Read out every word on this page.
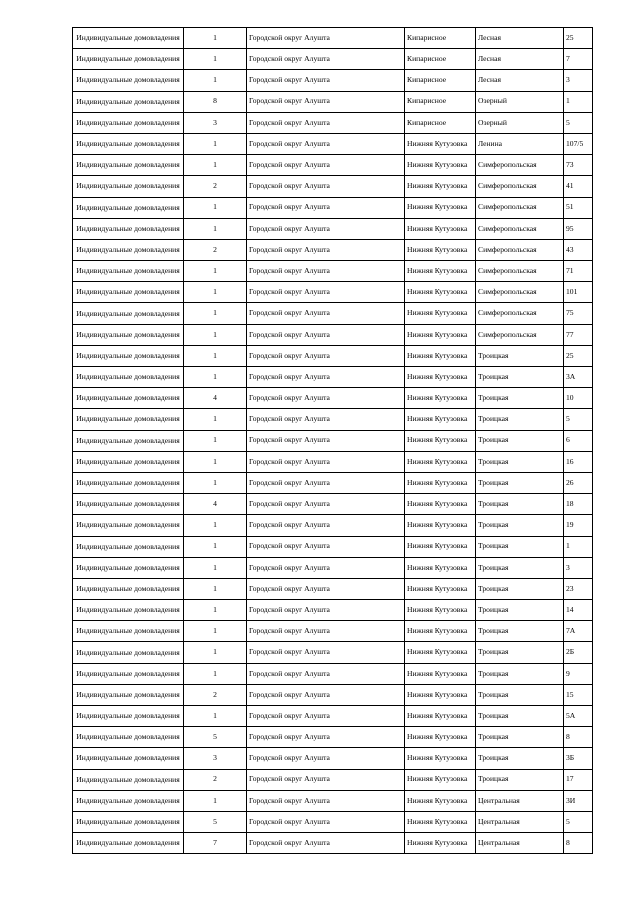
Индивидуальные домовладения	1	Городской округ Алушта	Кипарисное	Лесная	25
Индивидуальные домовладения	1	Городской округ Алушта	Кипарисное	Лесная	7
Индивидуальные домовладения	1	Городской округ Алушта	Кипарисное	Лесная	3
Индивидуальные домовладения	8	Городской округ Алушта	Кипарисное	Озерный	1
Индивидуальные домовладения	3	Городской округ Алушта	Кипарисное	Озерный	5
Индивидуальные домовладения	1	Городской округ Алушта	Нижняя Кутузовка	Ленина	107/5
Индивидуальные домовладения	1	Городской округ Алушта	Нижняя Кутузовка	Симферопольская	73
Индивидуальные домовладения	2	Городской округ Алушта	Нижняя Кутузовка	Симферопольская	41
Индивидуальные домовладения	1	Городской округ Алушта	Нижняя Кутузовка	Симферопольская	51
Индивидуальные домовладения	1	Городской округ Алушта	Нижняя Кутузовка	Симферопольская	95
Индивидуальные домовладения	2	Городской округ Алушта	Нижняя Кутузовка	Симферопольская	43
Индивидуальные домовладения	1	Городской округ Алушта	Нижняя Кутузовка	Симферопольская	71
Индивидуальные домовладения	1	Городской округ Алушта	Нижняя Кутузовка	Симферопольская	101
Индивидуальные домовладения	1	Городской округ Алушта	Нижняя Кутузовка	Симферопольская	75
Индивидуальные домовладения	1	Городской округ Алушта	Нижняя Кутузовка	Симферопольская	77
Индивидуальные домовладения	1	Городской округ Алушта	Нижняя Кутузовка	Троицкая	25
Индивидуальные домовладения	1	Городской округ Алушта	Нижняя Кутузовка	Троицкая	3А
Индивидуальные домовладения	4	Городской округ Алушта	Нижняя Кутузовка	Троицкая	10
Индивидуальные домовладения	1	Городской округ Алушта	Нижняя Кутузовка	Троицкая	5
Индивидуальные домовладения	1	Городской округ Алушта	Нижняя Кутузовка	Троицкая	6
Индивидуальные домовладения	1	Городской округ Алушта	Нижняя Кутузовка	Троицкая	16
Индивидуальные домовладения	1	Городской округ Алушта	Нижняя Кутузовка	Троицкая	26
Индивидуальные домовладения	4	Городской округ Алушта	Нижняя Кутузовка	Троицкая	18
Индивидуальные домовладения	1	Городской округ Алушта	Нижняя Кутузовка	Троицкая	19
Индивидуальные домовладения	1	Городской округ Алушта	Нижняя Кутузовка	Троицкая	1
Индивидуальные домовладения	1	Городской округ Алушта	Нижняя Кутузовка	Троицкая	3
Индивидуальные домовладения	1	Городской округ Алушта	Нижняя Кутузовка	Троицкая	23
Индивидуальные домовладения	1	Городской округ Алушта	Нижняя Кутузовка	Троицкая	14
Индивидуальные домовладения	1	Городской округ Алушта	Нижняя Кутузовка	Троицкая	7А
Индивидуальные домовладения	1	Городской округ Алушта	Нижняя Кутузовка	Троицкая	2Б
Индивидуальные домовладения	1	Городской округ Алушта	Нижняя Кутузовка	Троицкая	9
Индивидуальные домовладения	2	Городской округ Алушта	Нижняя Кутузовка	Троицкая	15
Индивидуальные домовладения	1	Городской округ Алушта	Нижняя Кутузовка	Троицкая	5А
Индивидуальные домовладения	5	Городской округ Алушта	Нижняя Кутузовка	Троицкая	8
Индивидуальные домовладения	3	Городской округ Алушта	Нижняя Кутузовка	Троицкая	3Б
Индивидуальные домовладения	2	Городской округ Алушта	Нижняя Кутузовка	Троицкая	17
Индивидуальные домовладения	1	Городской округ Алушта	Нижняя Кутузовка	Центральная	3И
Индивидуальные домовладения	5	Городской округ Алушта	Нижняя Кутузовка	Центральная	5
Индивидуальные домовладения	7	Городской округ Алушта	Нижняя Кутузовка	Центральная	8
